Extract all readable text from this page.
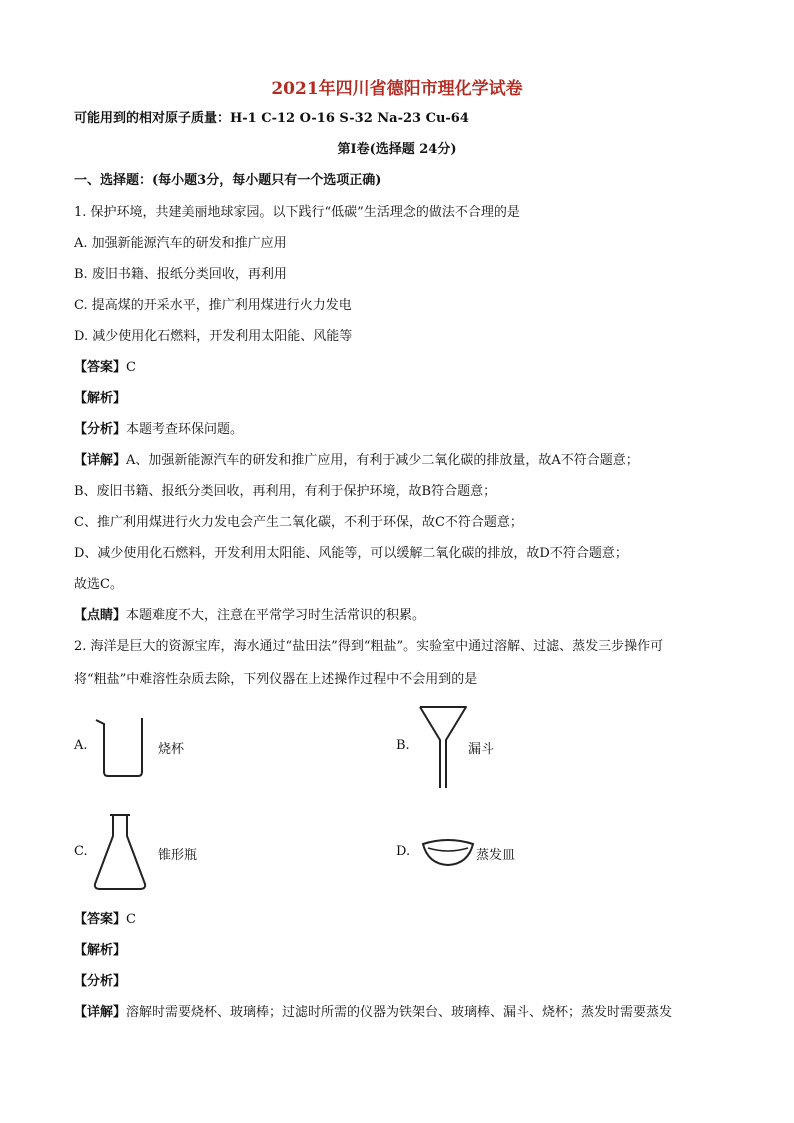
2021年四川省德阳市理化学试卷
可能用到的相对原子质量：H-1 C-12 O-16 S-32 Na-23 Cu-64
第Ⅰ卷(选择题 24分)
一、选择题：(每小题3分，每小题只有一个选项正确)
1. 保护环境，共建美丽地球家园。以下践行“低碳”生活理念的做法不合理的是
A. 加强新能源汽车的研发和推广应用
B. 废旧书籍、报纸分类回收，再利用
C. 提高煤的开采水平，推广利用煤进行火力发电
D. 减少使用化石燃料，开发利用太阳能、风能等
【答案】C
【解析】
【分析】本题考查环保问题。
【详解】A、加强新能源汽车的研发和推广应用，有利于减少二氧化碳的排放量，故A不符合题意；
B、废旧书籍、报纸分类回收，再利用，有利于保护环境，故B符合题意；
C、推广利用煤进行火力发电会产生二氧化碳，不利于环保，故C不符合题意；
D、减少使用化石燃料，开发利用太阳能、风能等，可以缓解二氧化碳的排放，故D不符合题意；
故选C。
【点睛】本题难度不大，注意在平常学习时生活常识的积累。
2. 海洋是巨大的资源宝库，海水通过“盐田法”得到“粗盐”。实验室中通过溶解、过滤、蒸发三步操作可
将“粗盐”中难溶性杂质去除，下列仪器在上述操作过程中不会用到的是
A.	烧杯	B.	漏斗
C.	锥形瓶	D.	蒸发皿
【答案】C
【解析】
【分析】
【详解】溶解时需要烧杯、玻璃棒；过滤时所需的仪器为铁架台、玻璃棒、漏斗、烧杯；蒸发时需要蒸发
